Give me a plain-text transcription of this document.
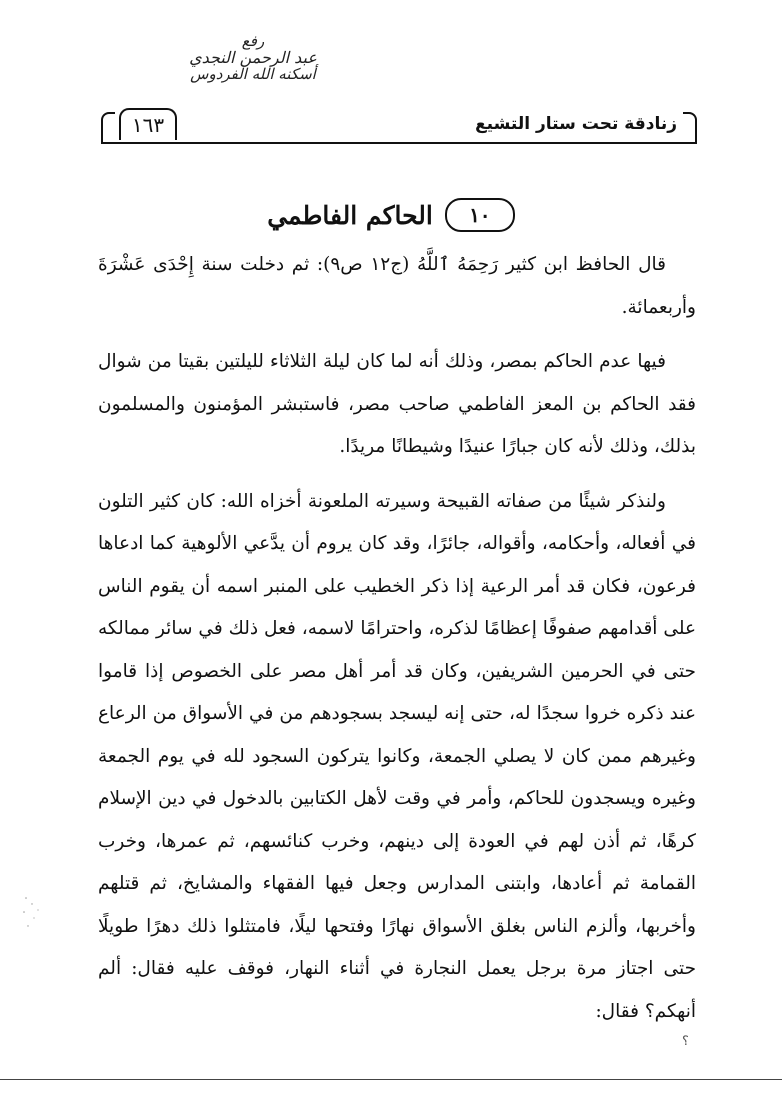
رفع
عبد الرحمن النجدي
أسكنه الله الفردوس
١٦٣	زنادقة تحت ستار التشيع
١٠
الحاكم الفاطمي

قال الحافظ ابن كثير رَحِمَهُ ٱللَّهُ (ج١٢ ص٩): ثم دخلت سنة إِحْدَى عَشْرَةَ وأربعمائة.

فيها عدم الحاكم بمصر، وذلك أنه لما كان ليلة الثلاثاء لليلتين بقيتا من شوال فقد الحاكم بن المعز الفاطمي صاحب مصر، فاستبشر المؤمنون والمسلمون بذلك، وذلك لأنه كان جبارًا عنيدًا وشيطانًا مريدًا.

ولنذكر شيئًا من صفاته القبيحة وسيرته الملعونة أخزاه الله: كان كثير التلون في أفعاله، وأحكامه، وأقواله، جائرًا، وقد كان يروم أن يدَّعي الألوهية كما ادعاها فرعون، فكان قد أمر الرعية إذا ذكر الخطيب على المنبر اسمه أن يقوم الناس على أقدامهم صفوفًا إعظامًا لذكره، واحترامًا لاسمه، فعل ذلك في سائر ممالكه حتى في الحرمين الشريفين، وكان قد أمر أهل مصر على الخصوص إذا قاموا عند ذكره خروا سجدًا له، حتى إنه ليسجد بسجودهم من في الأسواق من الرعاع وغيرهم ممن كان لا يصلي الجمعة، وكانوا يتركون السجود لله في يوم الجمعة وغيره ويسجدون للحاكم، وأمر في وقت لأهل الكتابين بالدخول في دين الإسلام كرهًا، ثم أذن لهم في العودة إلى دينهم، وخرب كنائسهم، ثم عمرها، وخرب القمامة ثم أعادها، وابتنى المدارس وجعل فيها الفقهاء والمشايخ، ثم قتلهم وأخربها، وألزم الناس بغلق الأسواق نهارًا وفتحها ليلًا، فامتثلوا ذلك دهرًا طويلًا حتى اجتاز مرة برجل يعمل النجارة في أثناء النهار، فوقف عليه فقال: ألم أنهكم؟ فقال:

؟
